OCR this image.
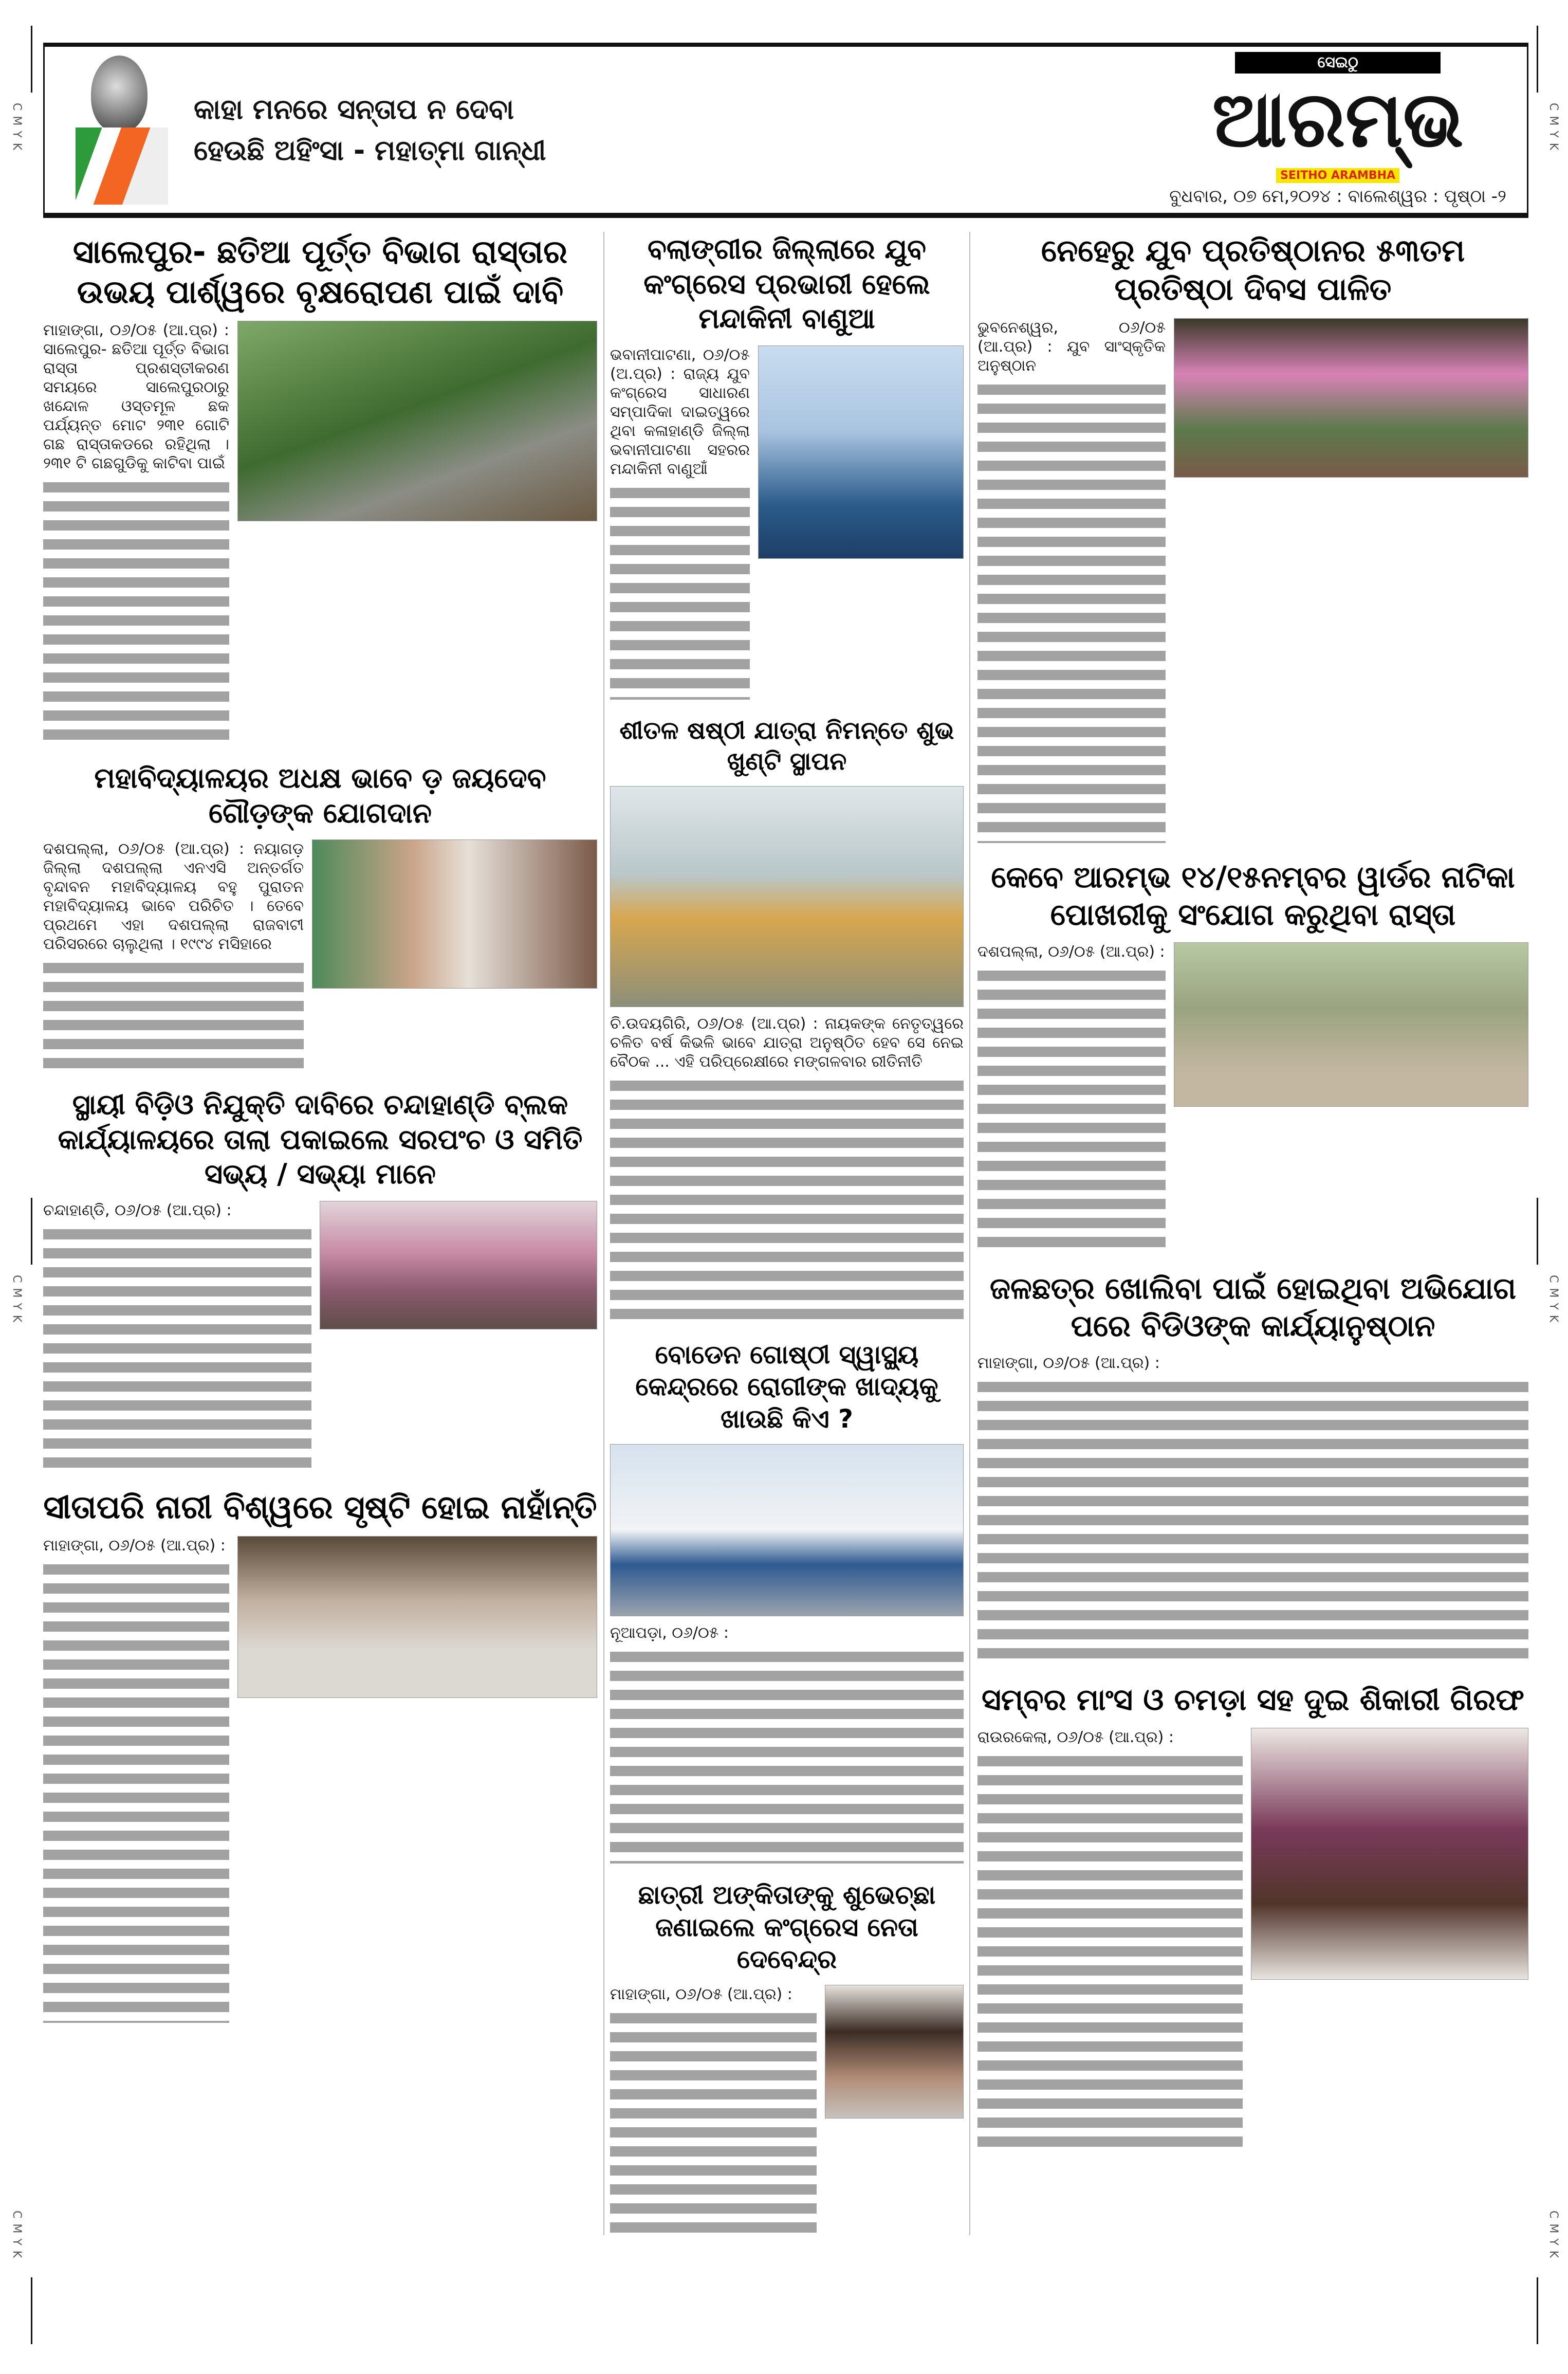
CMYK
CMYK
CMYK
CMYK
CMYK
CMYK
କାହା ମନରେ ସନ୍ତାପ ନ ଦେବା
ହେଉଛି ଅହିଂସା - ମହାତ୍ମା ଗାନ୍ଧୀ
ସେଇଠୁ
ଆରମ୍ଭ
SEITHO ARAMBHA
ବୁଧବାର, ୦୭ ମେ,୨୦୨୪ : ବାଲେଶ୍ୱର : ପୃଷ୍ଠା -୨
ସାଲେପୁର- ଛତିଆ ପୂର୍ତ୍ତ ବିଭାଗ ରାସ୍ତାର ଉଭୟ ପାର୍ଶ୍ୱରେ ବୃକ୍ଷରୋପଣ ପାଇଁ ଦାବି

ମାହାଙ୍ଗା, ୦୬/୦୫ (ଆ.ପ୍ର) : ସାଲେପୁର- ଛତିଆ ପୂର୍ତ୍ତ ବିଭାଗ ରାସ୍ତା ପ୍ରଶସ୍ତୀକରଣ ସମୟରେ ସାଲେପୁରଠାରୁ ଖନ୍ଦୋଳ ଓସ୍ତମୂଳ ଛକ ପର୍ଯ୍ୟନ୍ତ ମୋଟ ୨୩୧ ଗୋଟି ଗଛ ରାସ୍ତାକଡରେ ରହିଥିଲା । ୨୩୧ ଟି ଗଛଗୁଡିକୁ କାଟିବା ପାଇଁ

ମହାବିଦ୍ୟାଳୟର ଅଧକ୍ଷ ଭାବେ ଡ଼ ଜୟଦେବ ଗୌଡ଼ଙ୍କ ଯୋଗଦାନ

ଦଶପଲ୍ଲା, ୦୬/୦୫ (ଆ.ପ୍ର) : ନୟାଗଡ଼ ଜିଲ୍ଲା ଦଶପଲ୍ଲା ଏନଏସି ଅନ୍ତର୍ଗତ ବୃନ୍ଦାବନ ମହାବିଦ୍ୟାଳୟ ବହୁ ପୁରାତନ ମହାବିଦ୍ୟାଳୟ ଭାବେ ପରିଚିତ । ତେବେ ପ୍ରଥମେ ଏହା ଦଶପଲ୍ଲା ରାଜବାଟୀ ପରିସରରେ ଚାଲୁଥିଲା । ୧୯୯୪ ମସିହାରେ

ସ୍ଥାୟୀ ବିଡ଼ିଓ ନିଯୁକ୍ତି ଦାବିରେ ଚନ୍ଦାହାଣ୍ଡି ବ୍ଲକ କାର୍ଯ୍ୟାଳୟରେ ତାଲା ପକାଇଲେ ସରପଂଚ ଓ ସମିତି ସଭ୍ୟ / ସଭ୍ୟା ମାନେ

ଚନ୍ଦାହାଣ୍ଡି, ୦୬/୦୫ (ଆ.ପ୍ର) :

ସୀତାପରି ନାରୀ ବିଶ୍ୱରେ ସୃଷ୍ଟି ହୋଇ ନାହାଁନ୍ତି

ମାହାଙ୍ଗା, ୦୬/୦୫ (ଆ.ପ୍ର) :

ବଲାଙ୍ଗୀର ଜିଲ୍ଲାରେ ଯୁବ କଂଗ୍ରେସ ପ୍ରଭାରୀ ହେଲେ ମନ୍ଦାକିନୀ ବାଣୁଆ

ଭବାନୀପାଟଣା, ୦୬/୦୫ (ଅ.ପ୍ର) : ରାଜ୍ୟ ଯୁବ କଂଗ୍ରେସ ସାଧାରଣ ସମ୍ପାଦିକା ଦାଇତ୍ୱରେ ଥିବା କଳାହାଣ୍ଡି ଜିଲ୍ଲା ଭବାନୀପାଟଣା ସହରର ମନ୍ଦାକିନୀ ବାଣୁଆଁ

ଶୀତଳ ଷଷ୍ଠୀ ଯାତ୍ରା ନିମନ୍ତେ ଶୁଭ ଖୁଣ୍ଟି ସ୍ଥାପନ

ଚି.ଉଦୟଗିରି, ୦୬/୦୫ (ଆ.ପ୍ର) : ନାୟକଙ୍କ ନେତୃତ୍ୱରେ ଚଳିତ ବର୍ଷ କିଭଳି ଭାବେ ଯାତ୍ରା ଅନୁଷ୍ଠିତ ହେବ ସେ ନେଇ ବୈଠକ ... ଏହି ପରିପ୍ରେକ୍ଷୀରେ ମଙ୍ଗଳବାର ରୀତିନୀତି

ବୋଡେନ ଗୋଷ୍ଠୀ ସ୍ୱାସ୍ଥ୍ୟ କେନ୍ଦ୍ରରେ ରୋଗୀଙ୍କ ଖାଦ୍ୟକୁ ଖାଉଛି କିଏ ?

ନୂଆପଡ଼ା, ୦୬/୦୫ :

ଛାତ୍ରୀ ଅଙ୍କିତାଙ୍କୁ ଶୁଭେଚ୍ଛା ଜଣାଇଲେ କଂଗ୍ରେସ ନେତା ଦେବେନ୍ଦ୍ର

ମାହାଙ୍ଗା, ୦୬/୦୫ (ଆ.ପ୍ର) :

ନେହେରୁ ଯୁବ ପ୍ରତିଷ୍ଠାନର ୫୩ତମ ପ୍ରତିଷ୍ଠା ଦିବସ ପାଳିତ

ଭୁବନେଶ୍ୱର, ୦୬/୦୫ (ଆ.ପ୍ର) : ଯୁବ ସାଂସ୍କୃତିକ ଅନୁଷ୍ଠାନ

କେବେ ଆରମ୍ଭ ୧୪/୧୫ନମ୍ବର ୱାର୍ଡର ନାଟିକା ପୋଖରୀକୁ ସଂଯୋଗ କରୁଥିବା ରାସ୍ତା

ଦଶପଲ୍ଲା, ୦୬/୦୫ (ଆ.ପ୍ର) :

ଜଳଛତ୍ର ଖୋଲିବା ପାଇଁ ହୋଇଥିବା ଅଭିଯୋଗ ପରେ ବିଡିଓଙ୍କ କାର୍ଯ୍ୟାନୁଷ୍ଠାନ

ମାହାଙ୍ଗା, ୦୬/୦୫ (ଆ.ପ୍ର) :

ସମ୍ବର ମାଂସ ଓ ଚମଡ଼ା ସହ ଦୁଇ ଶିକାରୀ ଗିରଫ

ରାଉରକେଲା, ୦୬/୦୫ (ଆ.ପ୍ର) :
